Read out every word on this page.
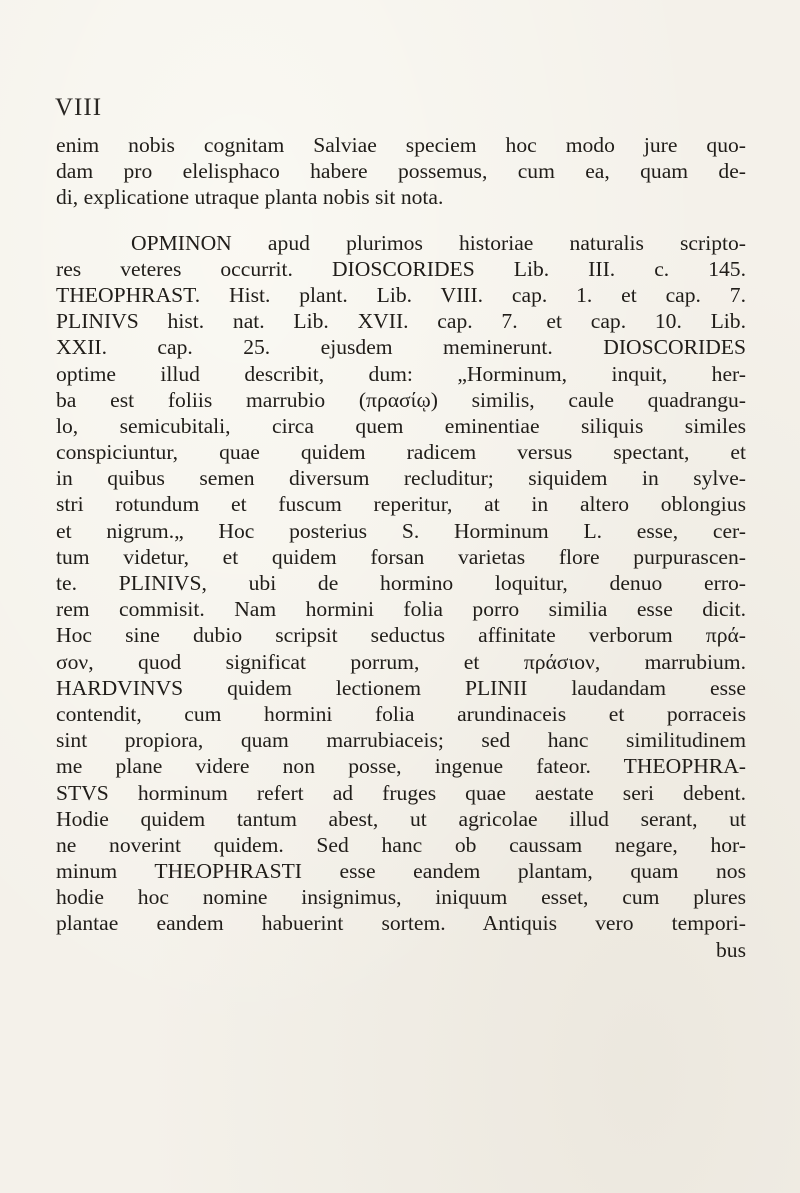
VIII
enim nobis cognitam Salviae speciem hoc modo jure quo-
dam pro elelisphaco habere possemus, cum ea, quam de-
di, explicatione utraque planta nobis sit nota.
OPMINON apud plurimos historiae naturalis scripto-
res veteres occurrit. DIOSCORIDES Lib. III. c. 145.
THEOPHRAST. Hist. plant. Lib. VIII. cap. 1. et cap. 7.
PLINIVS hist. nat. Lib. XVII. cap. 7. et cap. 10. Lib.
XXII. cap. 25. ejusdem meminerunt. DIOSCORIDES
optime illud describit, dum: „Horminum, inquit, her-
ba est foliis marrubio (πρασίῳ) similis, caule quadrangu-
lo, semicubitali, circa quem eminentiae siliquis similes
conspiciuntur, quae quidem radicem versus spectant, et
in quibus semen diversum recluditur; siquidem in sylve-
stri rotundum et fuscum reperitur, at in altero oblongius
et nigrum.„ Hoc posterius S. Horminum L. esse, cer-
tum videtur, et quidem forsan varietas flore purpurascen-
te. PLINIVS, ubi de hormino loquitur, denuo erro-
rem commisit. Nam hormini folia porro similia esse dicit.
Hoc sine dubio scripsit seductus affinitate verborum πρά-
σον, quod significat porrum, et πράσιον, marrubium.
HARDVINVS quidem lectionem PLINII laudandam esse
contendit, cum hormini folia arundinaceis et porraceis
sint propiora, quam marrubiaceis; sed hanc similitudinem
me plane videre non posse, ingenue fateor. THEOPHRA-
STVS horminum refert ad fruges quae aestate seri debent.
Hodie quidem tantum abest, ut agricolae illud serant, ut
ne noverint quidem. Sed hanc ob caussam negare, hor-
minum THEOPHRASTI esse eandem plantam, quam nos
hodie hoc nomine insignimus, iniquum esset, cum plures
plantae eandem habuerint sortem. Antiquis vero tempori-
bus
